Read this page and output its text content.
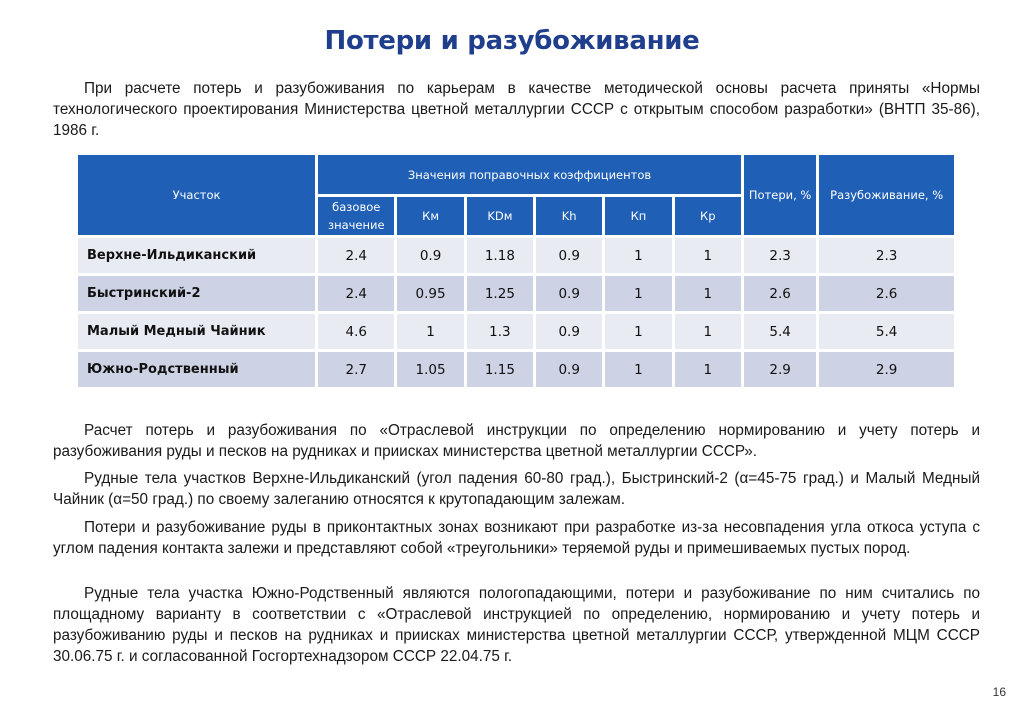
Потери и разубоживание

При расчете потерь и разубоживания по карьерам в качестве методической основы расчета приняты «Нормы технологического проектирования Министерства цветной металлургии СССР с открытым способом разработки» (ВНТП 35-86), 1986 г.

Участок	Значения поправочных коэффициентов						Потери, %	Разубоживание, %
	базовое значение	Км	KDм	Kh	Кп	Кр		
Верхне-Ильдиканский	2.4	0.9	1.18	0.9	1	1	2.3	2.3
Быстринский-2	2.4	0.95	1.25	0.9	1	1	2.6	2.6
Малый Медный Чайник	4.6	1	1.3	0.9	1	1	5.4	5.4
Южно-Родственный	2.7	1.05	1.15	0.9	1	1	2.9	2.9

Расчет потерь и разубоживания по «Отраслевой инструкции по определению нормированию и учету потерь и разубоживания руды и песков на рудниках и приисках министерства цветной металлургии СССР».

Рудные тела участков Верхне-Ильдиканский (угол падения 60-80 град.), Быстринский-2 (α=45-75 град.) и Малый Медный Чайник (α=50 град.) по своему залеганию относятся к крутопадающим залежам.

Потери и разубоживание руды в приконтактных зонах возникают при разработке из-за несовпадения угла откоса уступа с углом падения контакта залежи и представляют собой «треугольники» теряемой руды и примешиваемых пустых пород.

Рудные тела участка Южно-Родственный являются пологопадающими, потери и разубоживание по ним считались по площадному варианту в соответствии с «Отраслевой инструкцией по определению, нормированию и учету потерь и разубоживанию руды и песков на рудниках и приисках министерства цветной металлургии СССР, утвержденной МЦМ СССР 30.06.75 г. и согласованной Госгортехнадзором СССР 22.04.75 г.

16
